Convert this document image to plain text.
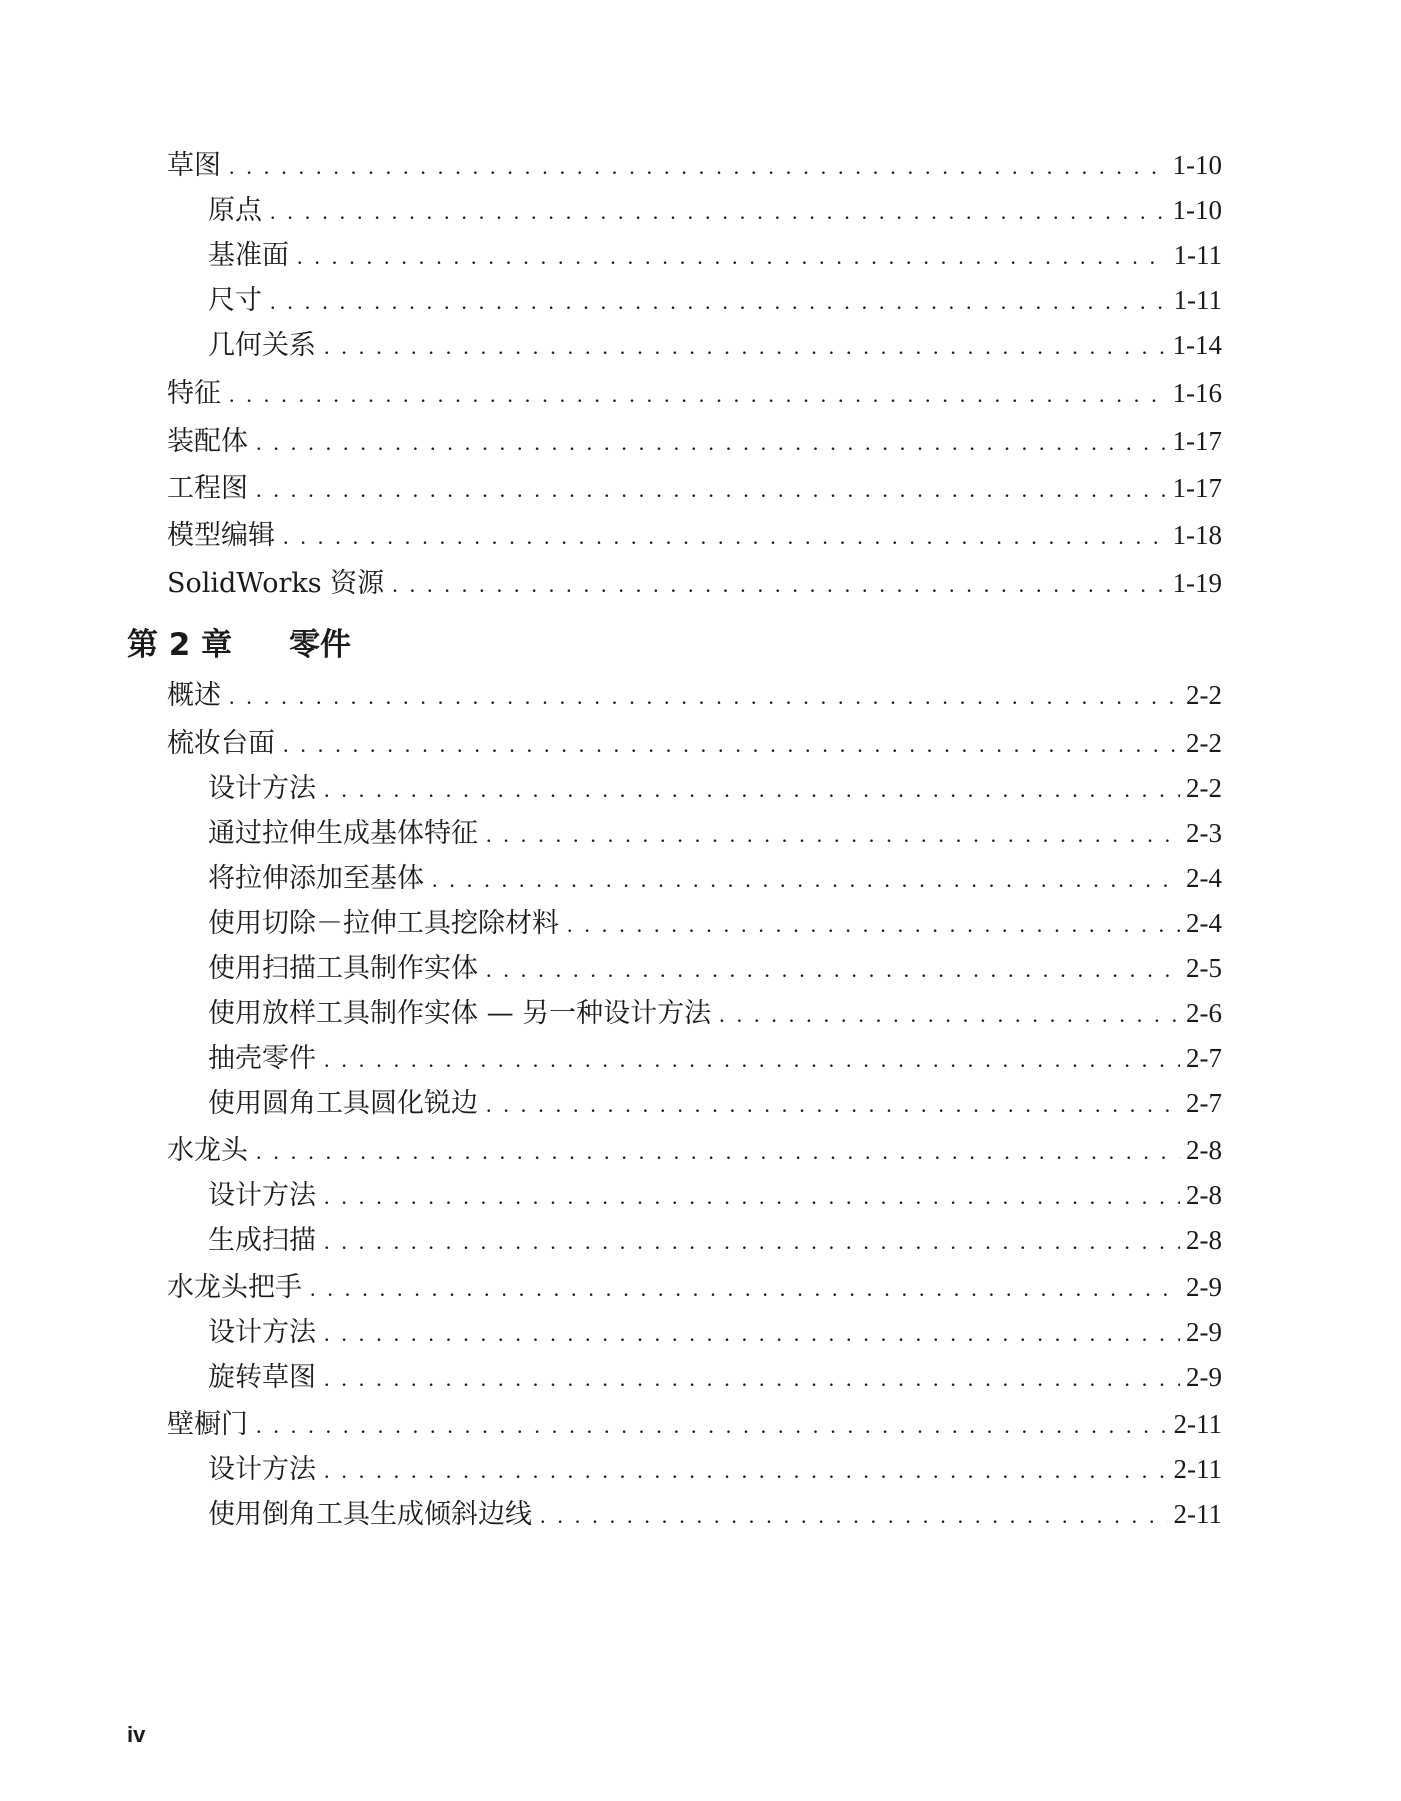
草图 . . .	1-10
原点 . . .	1-10
基准面 . . .	1-11
尺寸 . . .	1-11
几何关系 . . .	1-14
特征 . . .	1-16
装配体 . . .	1-17
工程图 . . .	1-17
模型编辑 . . .	1-18
SolidWorks 资源 . . .	1-19
第 2 章	零件
概述 . . .	2-2
梳妆台面 . . .	2-2
设计方法 . . .	2-2
通过拉伸生成基体特征 . . .	2-3
将拉伸添加至基体 . . .	2-4
使用切除－拉伸工具挖除材料 . . .	2-4
使用扫描工具制作实体 . . .	2-5
使用放样工具制作实体 — 另一种设计方法 . . .	2-6
抽壳零件 . . .	2-7
使用圆角工具圆化锐边 . . .	2-7
水龙头 . . .	2-8
设计方法 . . .	2-8
生成扫描 . . .	2-8
水龙头把手 . . .	2-9
设计方法 . . .	2-9
旋转草图 . . .	2-9
壁橱门 . . .	2-11
设计方法 . . .	2-11
使用倒角工具生成倾斜边线 . . .	2-11
iv
